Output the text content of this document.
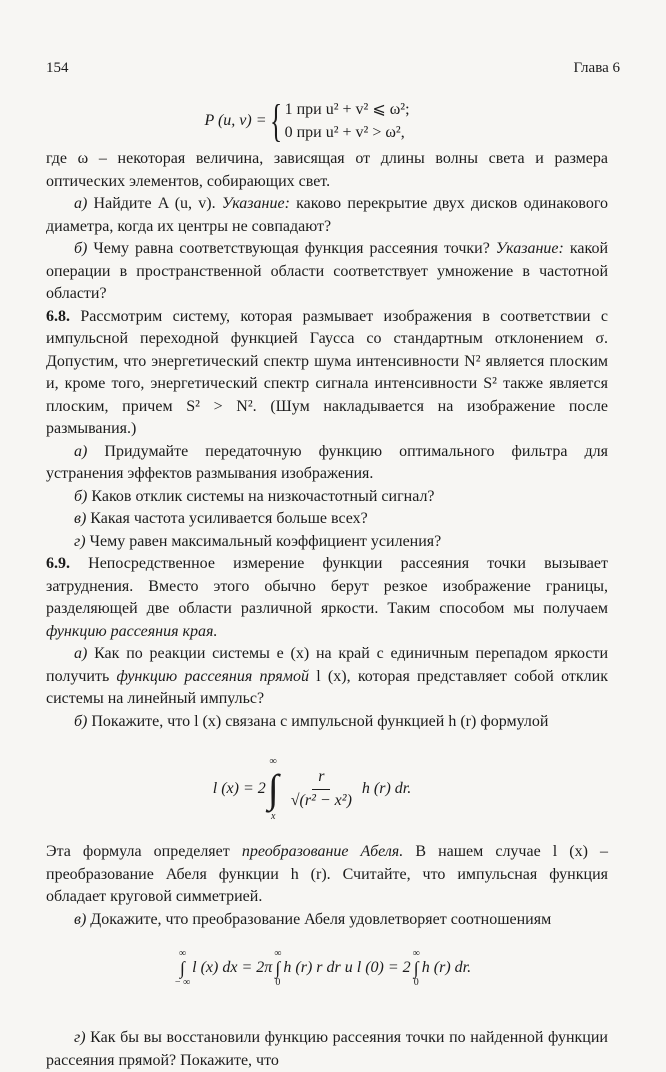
154	Глава 6
P (u, v) = { 1 при u² + v² ⩽ ω²;
0 при u² + v² > ω²,

где ω – некоторая величина, зависящая от длины волны света и размера оптических элементов, собирающих свет.

а) Найдите A (u, v). Указание: каково перекрытие двух дисков одинакового диаметра, когда их центры не совпадают?

б) Чему равна соответствующая функция рассеяния точки? Указание: какой операции в пространственной области соответствует умножение в частотной области?

6.8. Рассмотрим систему, которая размывает изображения в соответствии с импульсной переходной функцией Гаусса со стандартным отклонением σ. Допустим, что энергетический спектр шума интенсивности N² является плоским и, кроме того, энергетический спектр сигнала интенсивности S² также является плоским, причем S² > N². (Шум накладывается на изображение после размывания.)

а) Придумайте передаточную функцию оптимального фильтра для устранения эффектов размывания изображения.

б) Каков отклик системы на низкочастотный сигнал?

в) Какая частота усиливается больше всех?

г) Чему равен максимальный коэффициент усиления?

6.9. Непосредственное измерение функции рассеяния точки вызывает затруднения. Вместо этого обычно берут резкое изображение границы, разделяющей две области различной яркости. Таким способом мы получаем функцию рассеяния края.

а) Как по реакции системы e (x) на край с единичным перепадом яркости получить функцию рассеяния прямой l (x), которая представляет собой отклик системы на линейный импульс?

б) Покажите, что l (x) связана с импульсной функцией h (r) формулой

l (x) = 2
∞
∫
x
$\frac{r}{\text{√(r² − x²)}}$ h (r) dr.

Эта формула определяет преобразование Абеля. В нашем случае l (x) – преобразование Абеля функции h (r). Считайте, что импульсная функция обладает круговой симметрией.

в) Докажите, что преобразование Абеля удовлетворяет соотношениям

∞
∫
− ∞
l (x) dx = 2π
∞
∫
0
h (r) r dr и l (0) = 2
∞
∫
0
h (r) dr.

г) Как бы вы восстановили функцию рассеяния точки по найденной функции рассеяния прямой? Покажите, что
